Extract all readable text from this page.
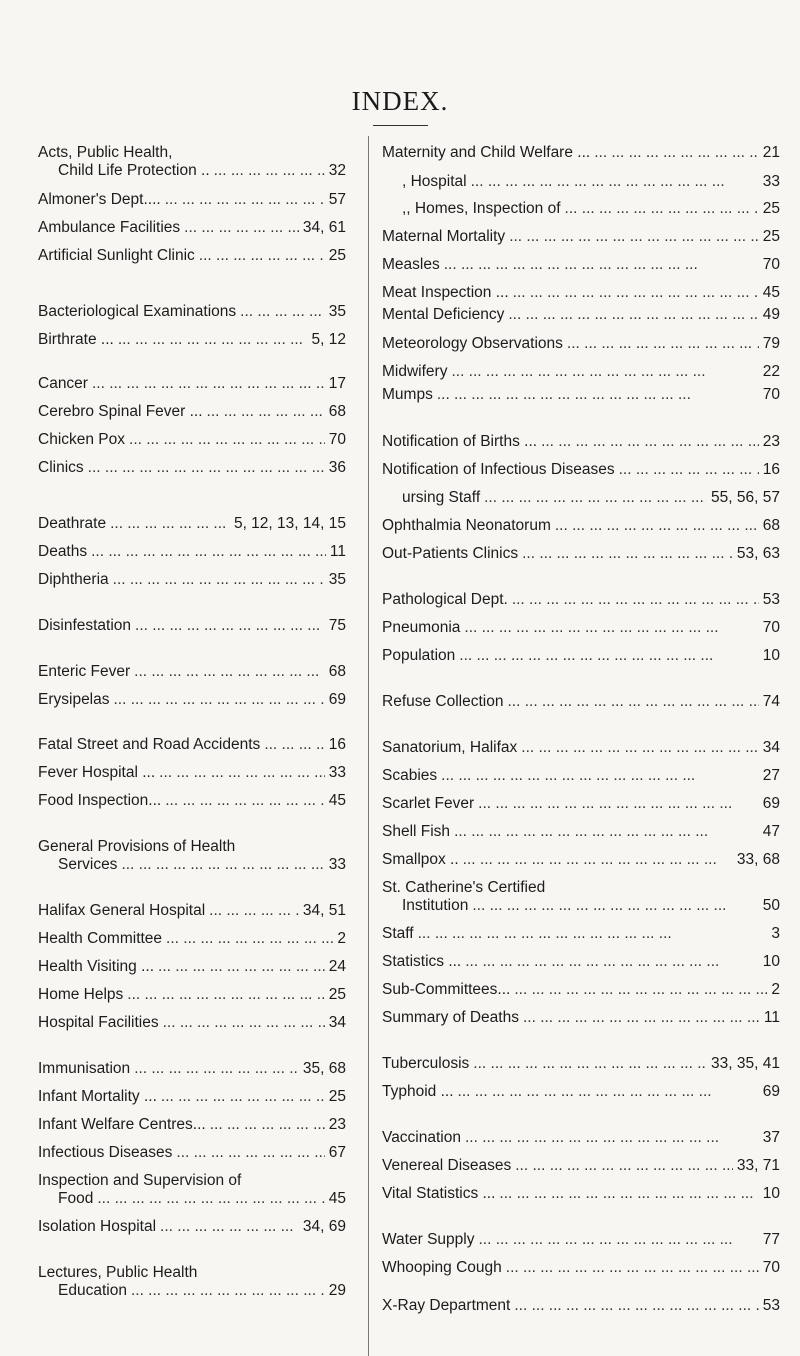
INDEX.
Acts, Public Health,
Child Life Protection .. ...	32
Almoner's Dept.... ...	57
Ambulance Facilities ...	34, 61
Artificial Sunlight Clinic ...	25
Bacteriological Examinations ...	35
Birthrate ... ...	5, 12
Cancer ...	17
Cerebro Spinal Fever ... ...	68
Chicken Pox ...	70
Clinics ...	36
Deathrate ...	5, 12, 13, 14, 15
Deaths ...	11
Diphtheria ...	35
Disinfestation ...	75
Enteric Fever ...	68
Erysipelas ...	69
Fatal Street and Road Accidents ...	16
Fever Hospital ... ...	33
Food Inspection... ...	45
General Provisions of Health
Services ...	33
Halifax General Hospital ...	34, 51
Health Committee ...	2
Health Visiting ... ...	24
Home Helps ...	25
Hospital Facilities ...	34
Immunisation ...	35, 68
Infant Mortality ... ...	25
Infant Welfare Centres... ...	23
Infectious Diseases ...	67
Inspection and Supervision of
Food ...	45
Isolation Hospital ...	34, 69
Lectures, Public Health
Education ...	29
Maternity and Child Welfare ... ...	21
, Hospital ...	33
,, Homes, Inspection of ...	25
Maternal Mortality ...	25
Measles ...	70
Meat Inspection ... ...	45
Mental Deficiency ...	49
Meteorology Observations ...	79
Midwifery ...	22
Mumps ...	70
Notification of Births ... ...	23
Notification of Infectious Diseases ...	16
ursing Staff ...	55, 56, 57
Ophthalmia Neonatorum ...	68
Out-Patients Clinics ...	53, 63
Pathological Dept. ...	53
Pneumonia ...	70
Population ...	10
Refuse Collection ...	74
Sanatorium, Halifax ...	34
Scabies ...	27
Scarlet Fever ...	69
Shell Fish ...	47
Smallpox .. ...	33, 68
St. Catherine's Certified
Institution ...	50
Staff ...	3
Statistics ... ...	10
Sub-Committees... ...	2
Summary of Deaths ...	11
Tuberculosis ...	33, 35, 41
Typhoid ... ...	69
Vaccination ...	37
Venereal Diseases ...	33, 71
Vital Statistics ... ...	10
Water Supply ...	77
Whooping Cough ...	70
X-Ray Department ...	53
